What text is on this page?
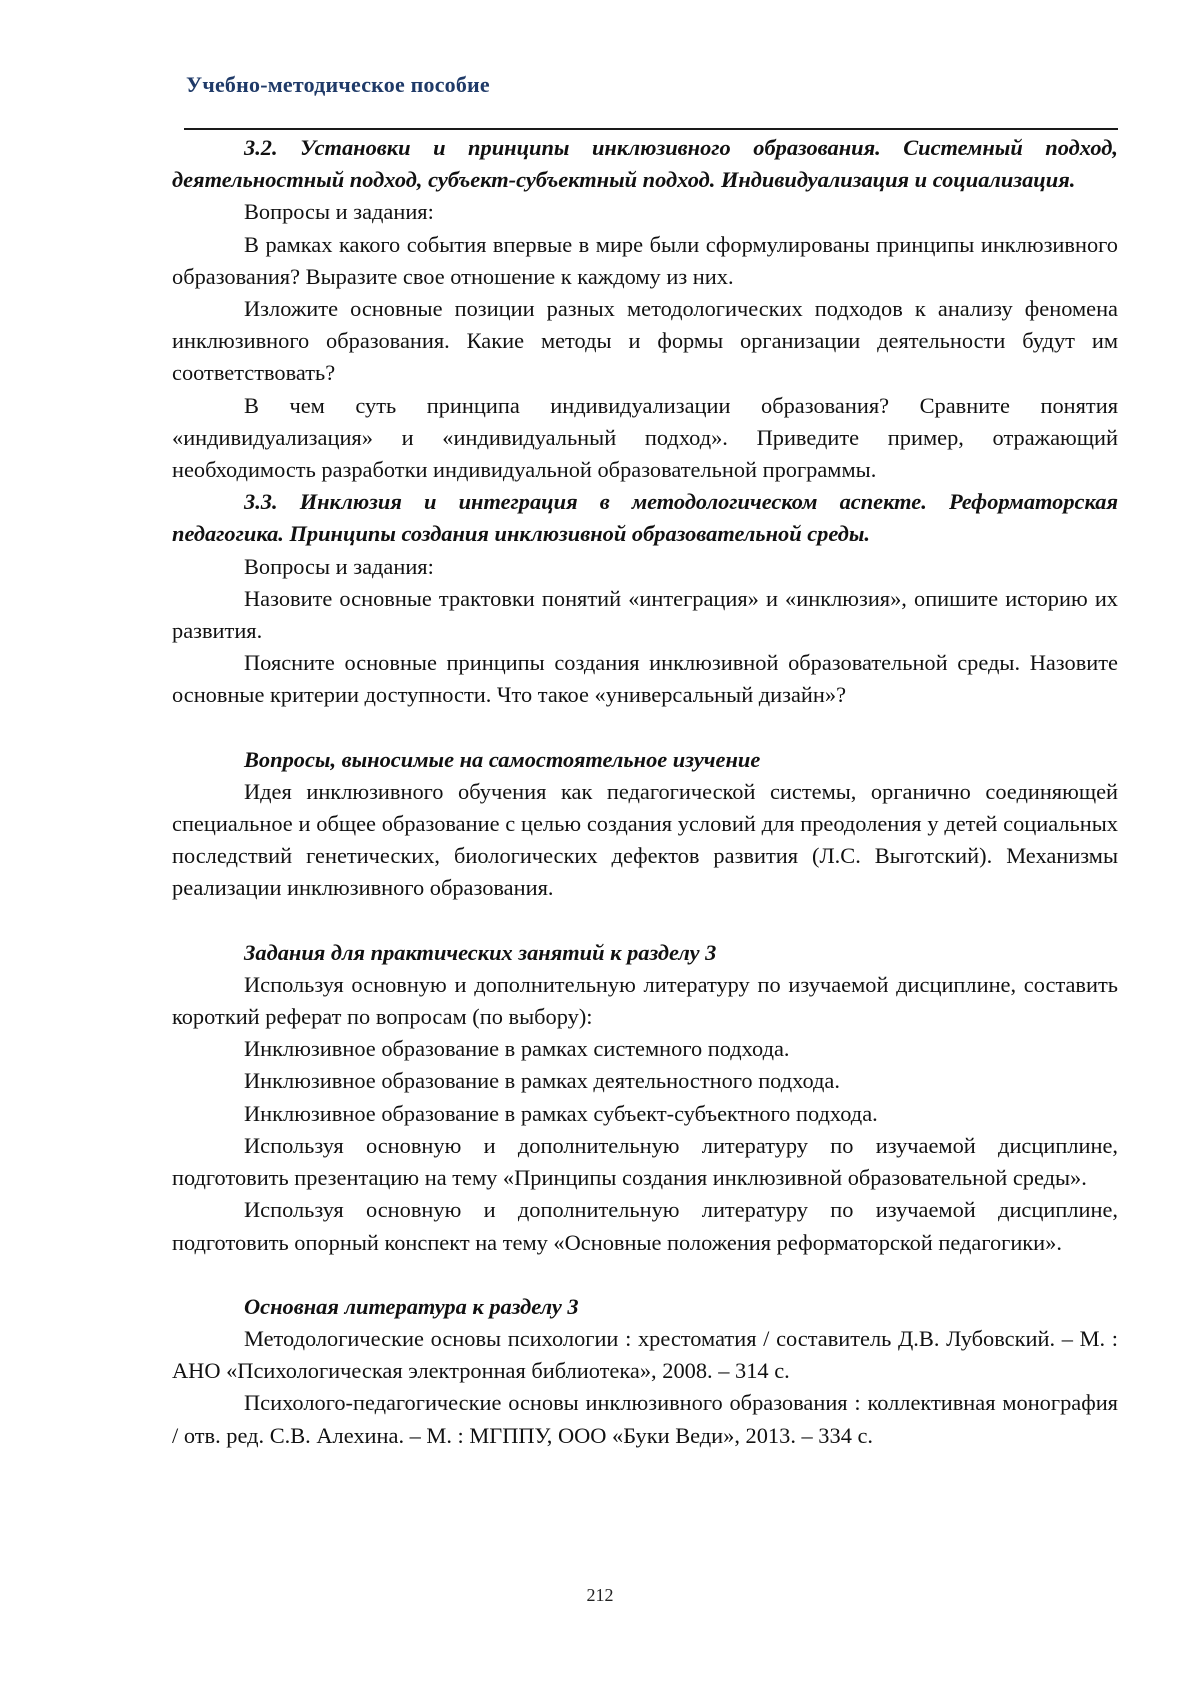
Учебно-методическое пособие

3.2. Установки и принципы инклюзивного образования. Системный подход, деятельностный подход, субъект-субъектный подход. Индивидуализация и социализация.

Вопросы и задания:

В рамках какого события впервые в мире были сформулированы принципы инклюзивного образования? Выразите свое отношение к каждому из них.

Изложите основные позиции разных методологических подходов к анализу феномена инклюзивного образования. Какие методы и формы организации деятельности будут им соответствовать?

В чем суть принципа индивидуализации образования? Сравните понятия «индивидуализация» и «индивидуальный подход». Приведите пример, отражающий необходимость разработки индивидуальной образовательной программы.

3.3. Инклюзия и интеграция в методологическом аспекте. Реформаторская педагогика. Принципы создания инклюзивной образовательной среды.

Вопросы и задания:

Назовите основные трактовки понятий «интеграция» и «инклюзия», опишите историю их развития.

Поясните основные принципы создания инклюзивной образовательной среды. Назовите основные критерии доступности. Что такое «универсальный дизайн»?

Вопросы, выносимые на самостоятельное изучение

Идея инклюзивного обучения как педагогической системы, органично соединяющей специальное и общее образование с целью создания условий для преодоления у детей социальных последствий генетических, биологических дефектов развития (Л.С. Выготский). Механизмы реализации инклюзивного образования.

Задания для практических занятий к разделу 3

Используя основную и дополнительную литературу по изучаемой дисциплине, составить короткий реферат по вопросам (по выбору):

Инклюзивное образование в рамках системного подхода.

Инклюзивное образование в рамках деятельностного подхода.

Инклюзивное образование в рамках субъект-субъектного подхода.

Используя основную и дополнительную литературу по изучаемой дисциплине, подготовить презентацию на тему «Принципы создания инклюзивной образовательной среды».

Используя основную и дополнительную литературу по изучаемой дисциплине, подготовить опорный конспект на тему «Основные положения реформаторской педагогики».

Основная литература к разделу 3

Методологические основы психологии : хрестоматия / составитель Д.В. Лубовский. – М. : АНО «Психологическая электронная библиотека», 2008. – 314 с.

Психолого-педагогические основы инклюзивного образования : коллективная монография / отв. ред. С.В. Алехина. – М. : МГППУ, ООО «Буки Веди», 2013. – 334 с.

212
